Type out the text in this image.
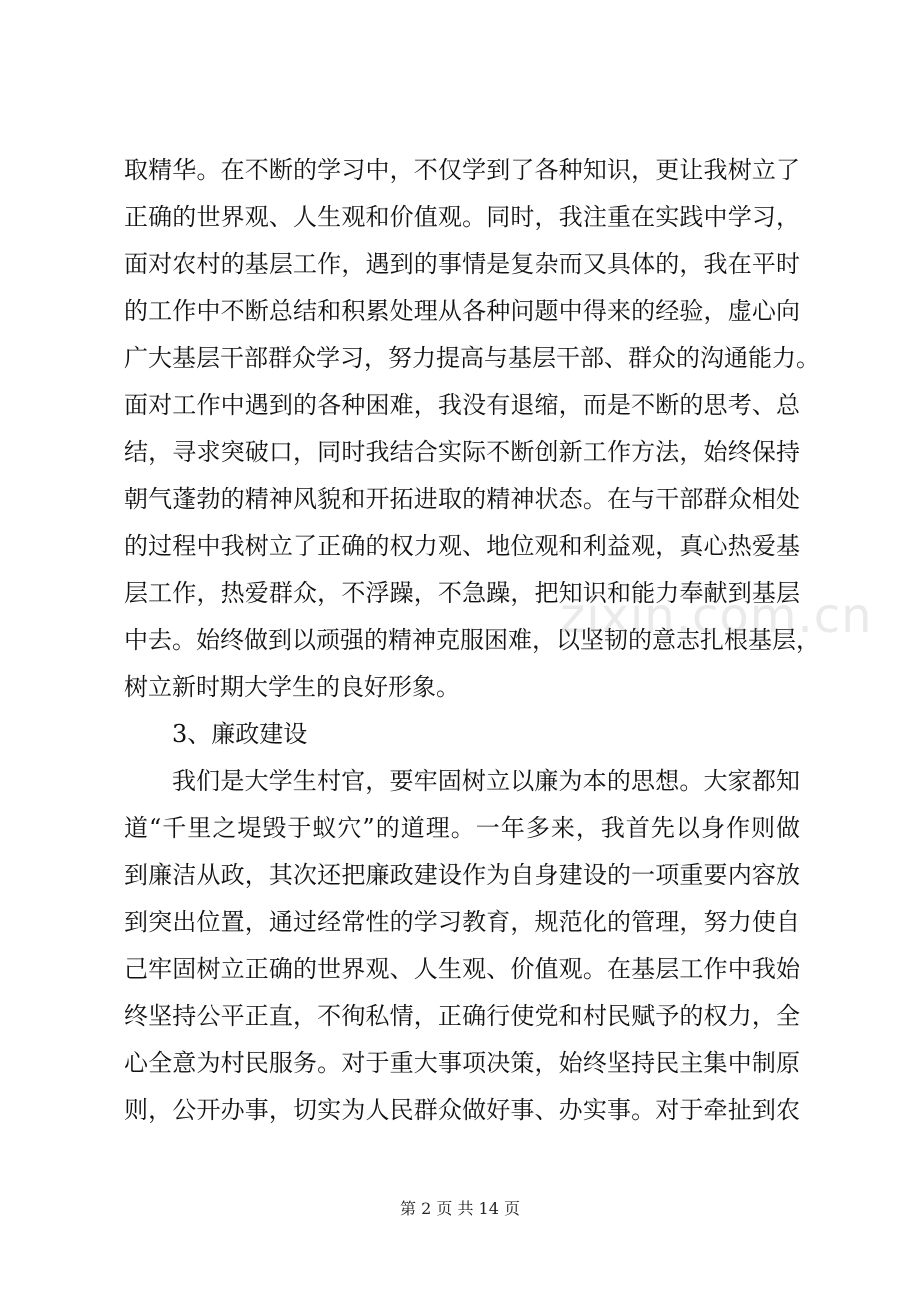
取精华。在不断的学习中，不仅学到了各种知识，更让我树立了
正确的世界观、人生观和价值观。同时，我注重在实践中学习，
面对农村的基层工作，遇到的事情是复杂而又具体的，我在平时
的工作中不断总结和积累处理从各种问题中得来的经验，虚心向
广大基层干部群众学习，努力提高与基层干部、群众的沟通能力。
面对工作中遇到的各种困难，我没有退缩，而是不断的思考、总
结，寻求突破口，同时我结合实际不断创新工作方法，始终保持
朝气蓬勃的精神风貌和开拓进取的精神状态。在与干部群众相处
的过程中我树立了正确的权力观、地位观和利益观，真心热爱基
层工作，热爱群众，不浮躁，不急躁，把知识和能力奉献到基层
中去。始终做到以顽强的精神克服困难，以坚韧的意志扎根基层，
树立新时期大学生的良好形象。
3、廉政建设
我们是大学生村官，要牢固树立以廉为本的思想。大家都知
道“千里之堤毁于蚁穴”的道理。一年多来，我首先以身作则做
到廉洁从政，其次还把廉政建设作为自身建设的一项重要内容放
到突出位置，通过经常性的学习教育，规范化的管理，努力使自
己牢固树立正确的世界观、人生观、价值观。在基层工作中我始
终坚持公平正直，不徇私情，正确行使党和村民赋予的权力，全
心全意为村民服务。对于重大事项决策，始终坚持民主集中制原
则，公开办事，切实为人民群众做好事、办实事。对于牵扯到农
zixin.com.cn
第 2 页 共 14 页
